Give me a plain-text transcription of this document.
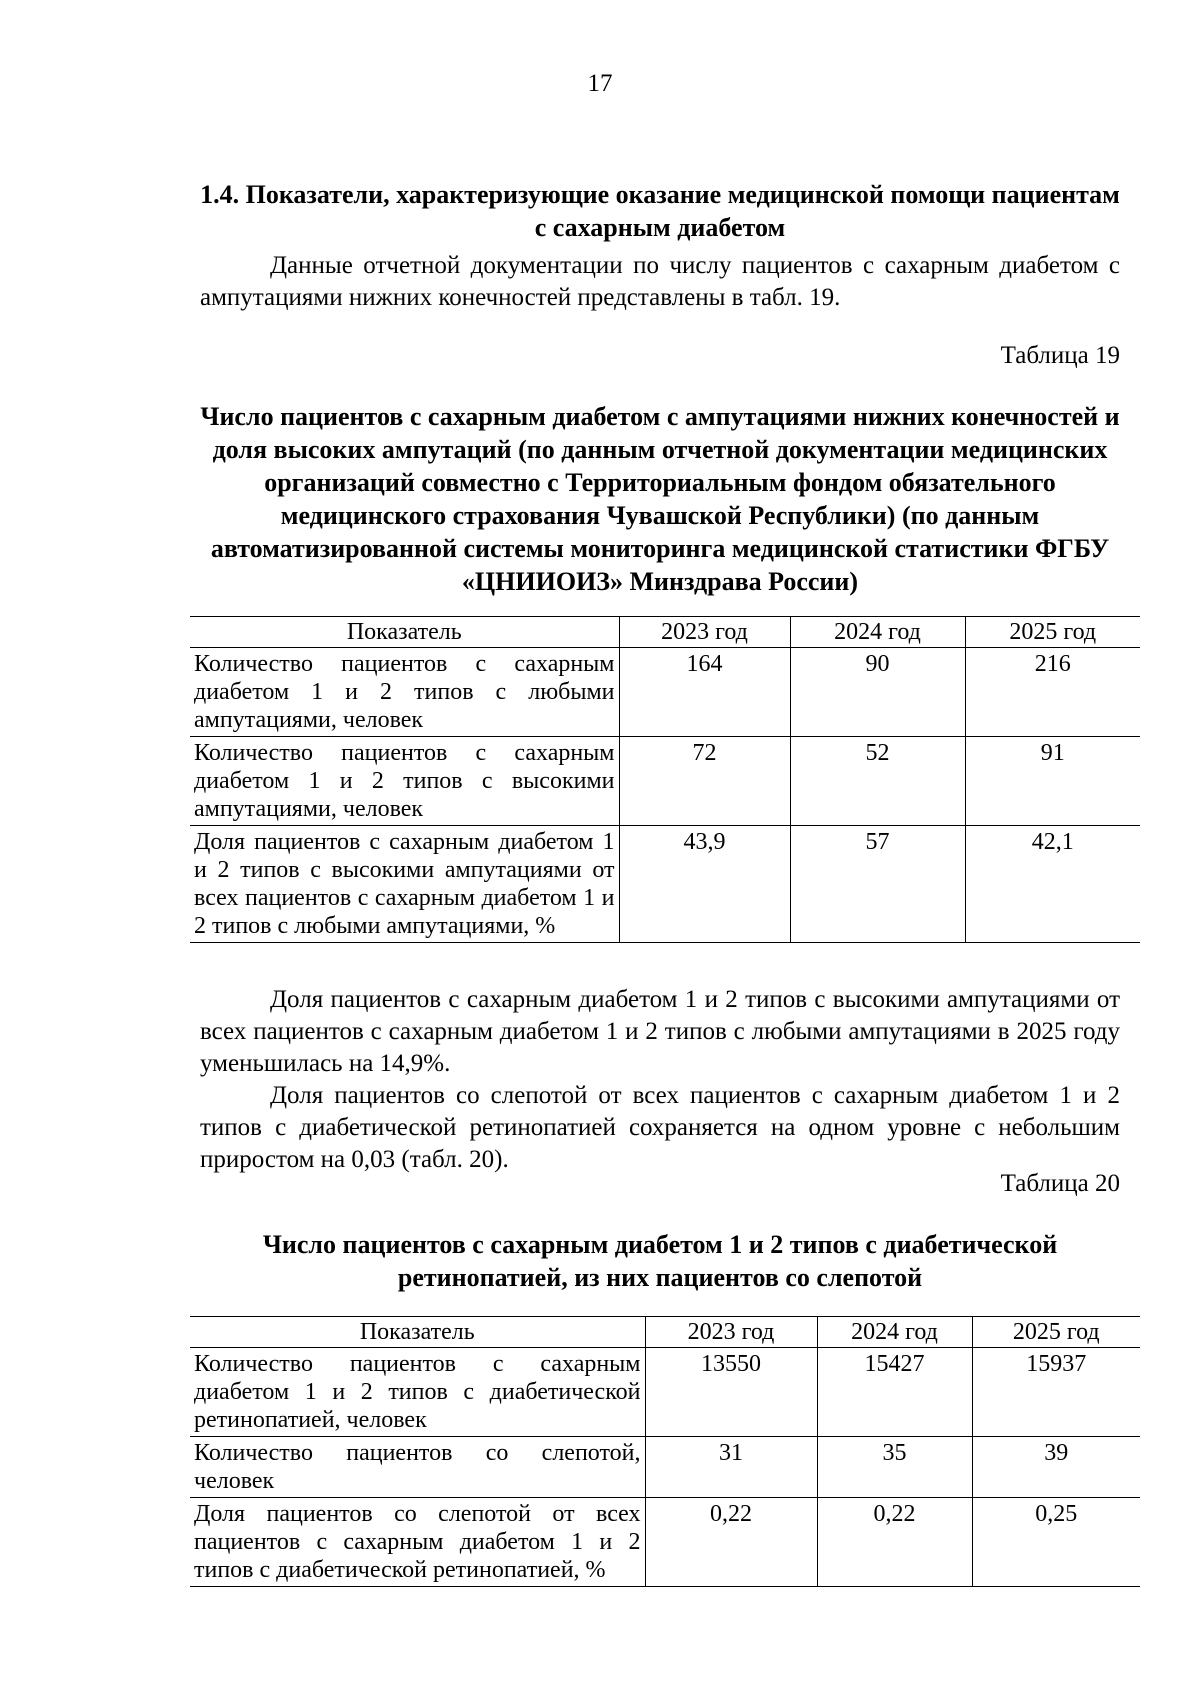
17
1.4. Показатели, характеризующие оказание медицинской помощи пациентам с сахарным диабетом
Данные отчетной документации по числу пациентов с сахарным диабетом с ампутациями нижних конечностей представлены в табл. 19.
Таблица 19
Число пациентов с сахарным диабетом с ампутациями нижних конечностей и доля высоких ампутаций (по данным отчетной документации медицинских организаций совместно с Территориальным фондом обязательного медицинского страхования Чувашской Республики) (по данным автоматизированной системы мониторинга медицинской статистики ФГБУ «ЦНИИОИЗ» Минздрава России)
Показатель	2023 год	2024 год	2025 год
Количество пациентов с сахарным диабетом 1 и 2 типов с любыми ампутациями, человек	164	90	216
Количество пациентов с сахарным диабетом 1 и 2 типов с высокими ампутациями, человек	72	52	91
Доля пациентов с сахарным диабетом 1 и 2 типов с высокими ампутациями от всех пациентов с сахарным диабетом 1 и 2 типов с любыми ампутациями, %	43,9	57	42,1
Доля пациентов с сахарным диабетом 1 и 2 типов с высокими ампутациями от всех пациентов с сахарным диабетом 1 и 2 типов с любыми ампутациями в 2025 году уменьшилась на 14,9%.
Доля пациентов со слепотой от всех пациентов с сахарным диабетом 1 и 2 типов с диабетической ретинопатией сохраняется на одном уровне с небольшим приростом на 0,03 (табл. 20).
Таблица 20
Число пациентов с сахарным диабетом 1 и 2 типов с диабетической ретинопатией, из них пациентов со слепотой
Показатель	2023 год	2024 год	2025 год
Количество пациентов с сахарным диабетом 1 и 2 типов с диабетической ретинопатией, человек	13550	15427	15937
Количество пациентов со слепотой, человек	31	35	39
Доля пациентов со слепотой от всех пациентов с сахарным диабетом 1 и 2 типов с диабетической ретинопатией, %	0,22	0,22	0,25
